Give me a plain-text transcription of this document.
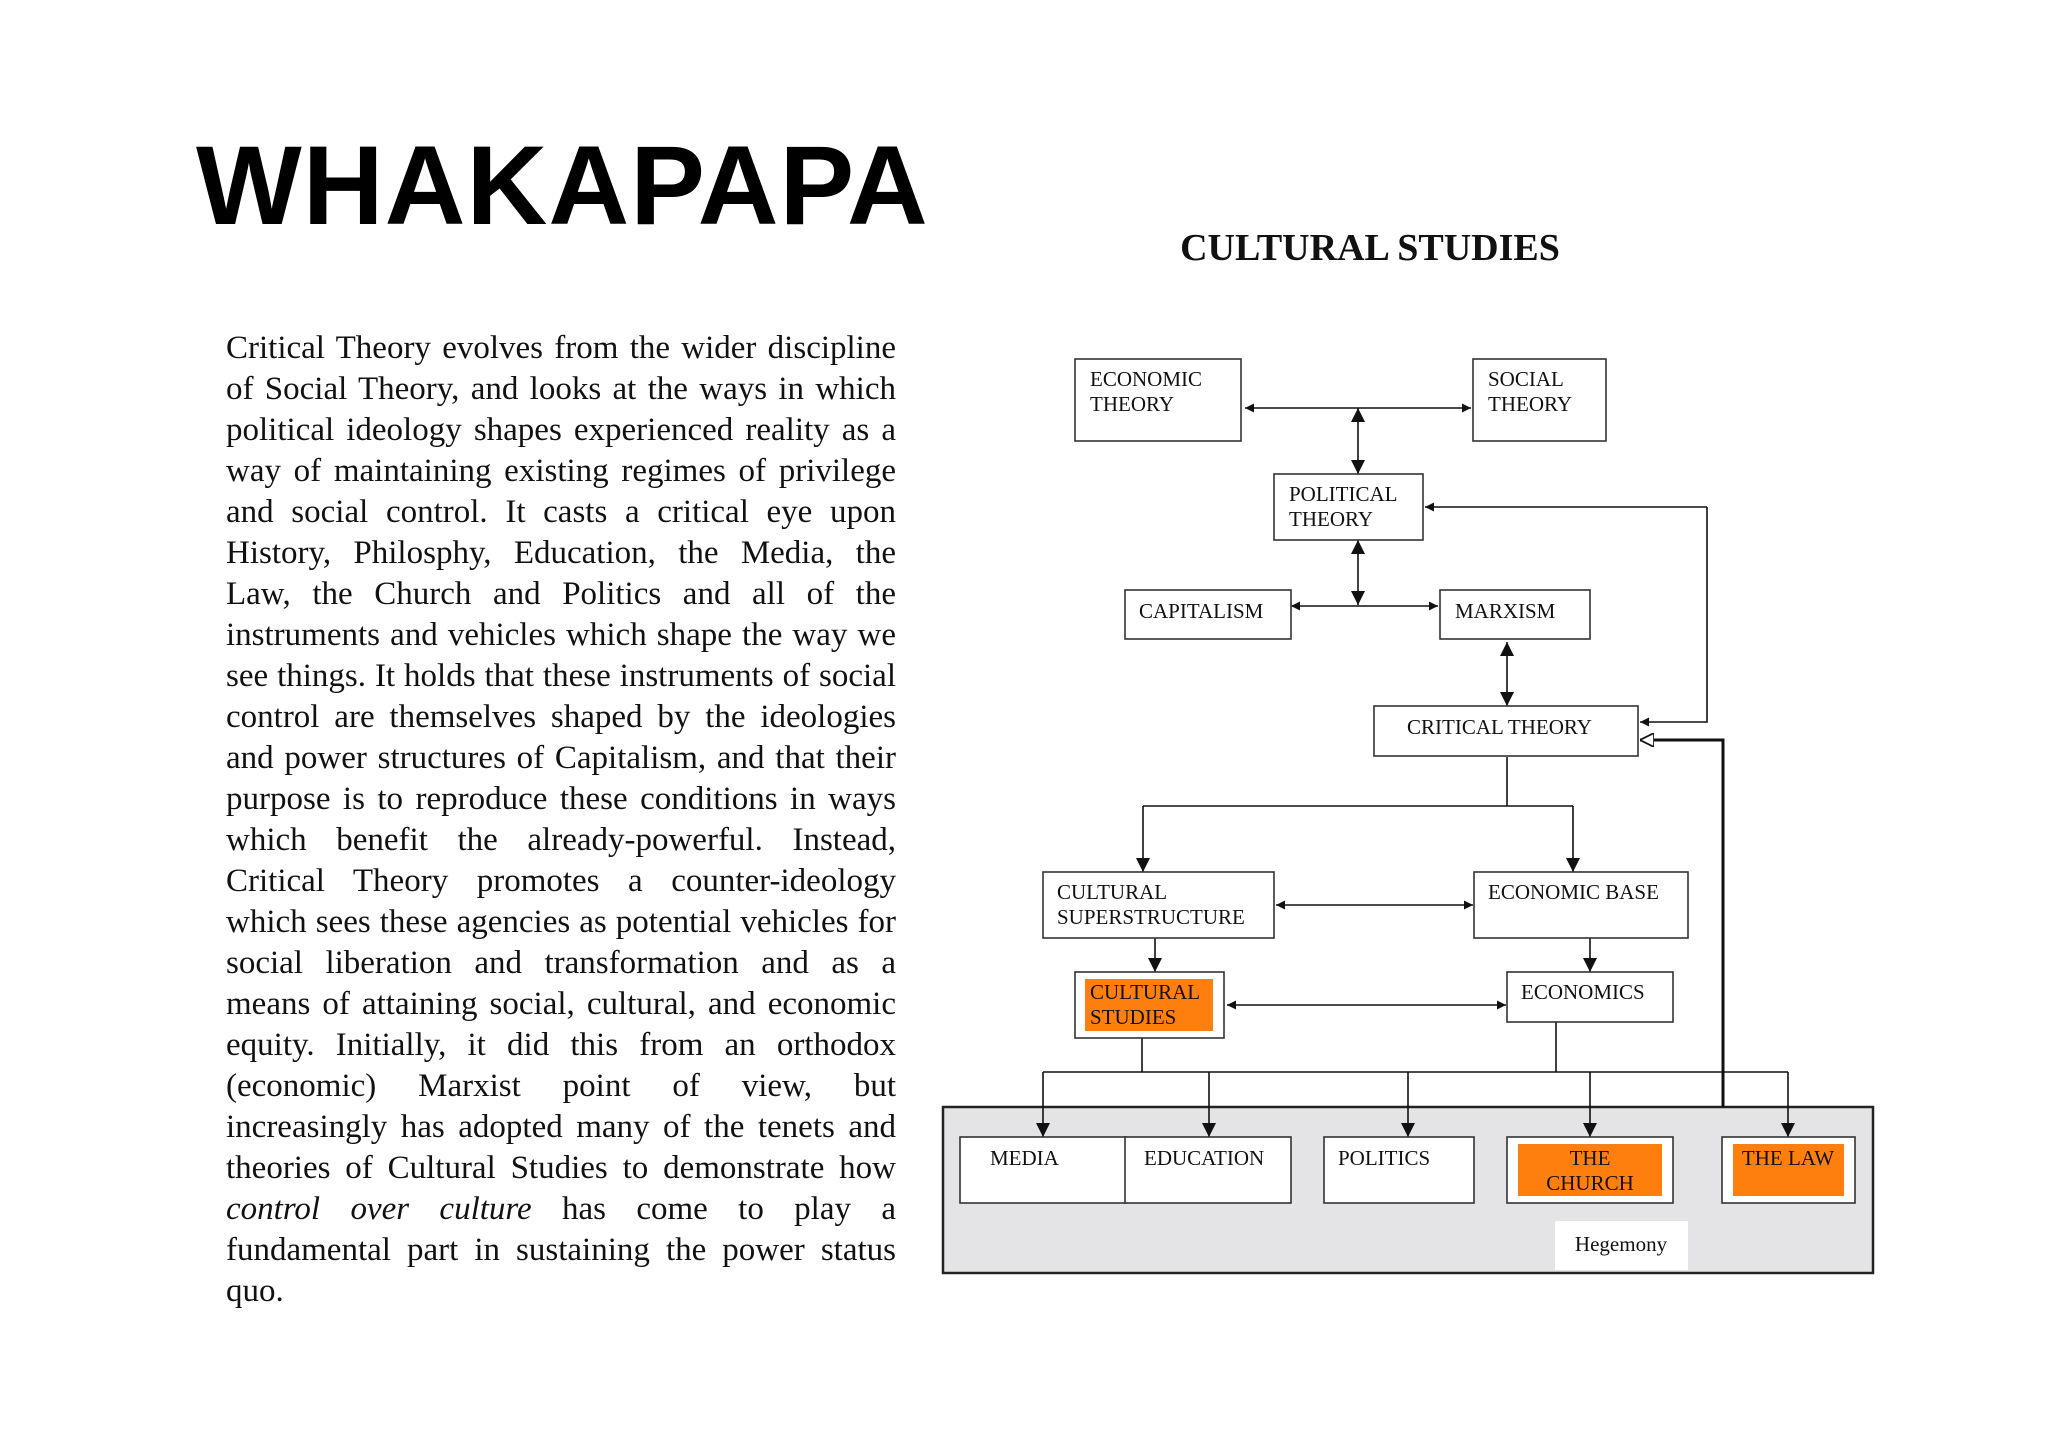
WHAKAPAPA

Critical Theory evolves from the wider discipline of Social Theory, and looks at the ways in which political ideology shapes experienced reality as a way of maintaining existing regimes of privilege and social control. It casts a critical eye upon History, Philosphy, Education, the Media, the Law, the Church and Politics and all of the instruments and vehicles which shape the way we see things. It holds that these instruments of social control are themselves shaped by the ideologies and power structures of Capitalism, and that their purpose is to reproduce these conditions in ways which benefit the already-powerful. Instead, Critical Theory promotes a counter-ideology which sees these agencies as potential vehicles for social liberation and transformation and as a means of attaining social, cultural, and economic equity. Initially, it did this from an orthodox (economic) Marxist point of view, but increasingly has adopted many of the tenets and theories of Cultural Studies to demonstrate how control over culture has come to play a fundamental part in sustaining the power status quo.

CULTURAL STUDIES
ECONOMIC THEORY
SOCIAL THEORY
POLITICAL THEORY
CAPITALISM	MARXISM
CRITICAL THEORY
CULTURAL SUPERSTRUCTURE
ECONOMIC BASE
CULTURAL STUDIES
ECONOMICS
MEDIA	EDUCATION	POLITICS	THE CHURCH
THE LAW
Hegemony
